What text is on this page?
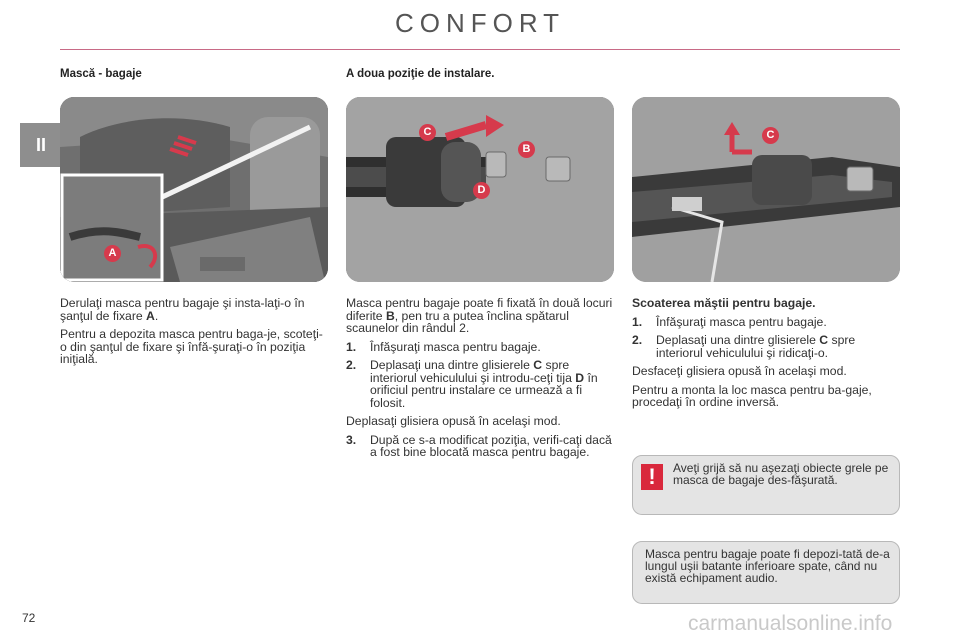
CONFORT
II
Mască - bagaje
A

Derulaţi masca pentru bagaje şi insta-laţi-o în şanţul de fixare A.

Pentru a depozita masca pentru baga-je, scoteţi-o din şanţul de fixare şi înfă-şuraţi-o în poziţia iniţială.

A doua poziţie de instalare.
C
B
D

Masca pentru bagaje poate fi fixată în două locuri diferite B, pen tru a putea înclina spătarul scaunelor din rândul 2.

1.	Înfăşuraţi masca pentru bagaje.
2.	Deplasaţi una dintre glisierele C spre interiorul vehiculului şi introdu-ceţi tija D în orificiul pentru instalare ce urmează a fi folosit.

Deplasaţi glisiera opusă în acelaşi mod.

3.	După ce s-a modificat poziţia, verifi-caţi dacă a fost bine blocată masca pentru bagaje.
C

Scoaterea măştii pentru bagaje.

1.	Înfăşuraţi masca pentru bagaje.
2.	Deplasaţi una dintre glisierele C spre interiorul vehiculului şi ridicaţi-o.

Desfaceţi glisiera opusă în acelaşi mod.

Pentru a monta la loc masca pentru ba-gaje, procedaţi în ordine inversă.

!	Aveţi grijă să nu aşezaţi obiecte grele pe masca de bagaje des-făşurată.
Masca pentru bagaje poate fi depozi-tată de-a lungul uşii batante inferioare spate, când nu există echipament audio.
72	carmanualsonline.info
